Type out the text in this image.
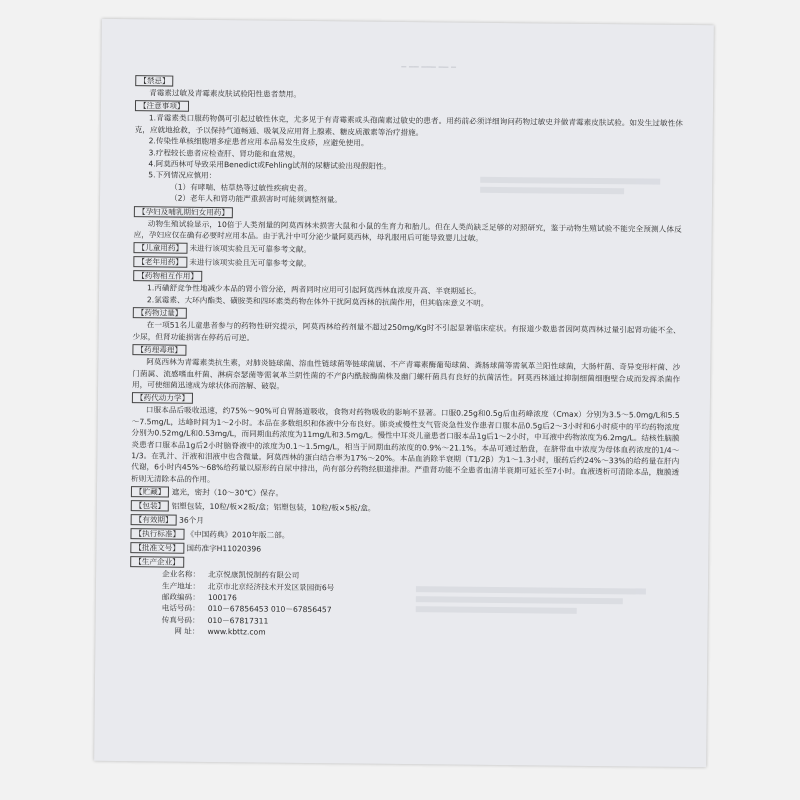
━ ━━ ━━━ ━━ ━
【禁忌】

青霉素过敏及青霉素皮肤试验阳性患者禁用。

【注意事项】

1.青霉素类口服药物偶可引起过敏性休克，尤多见于有青霉素或头孢菌素过敏史的患者。用药前必须详细询问药物过敏史并做青霉素皮肤试验。如发生过敏性休克，应就地抢救，予以保持气道畅通、吸氧及应用肾上腺素、糖皮质激素等治疗措施。

2.传染性单核细胞增多症患者应用本品易发生皮疹，应避免使用。

3.疗程较长患者应检查肝、肾功能和血常规。

4.阿莫西林可导致采用Benedict或Fehling试剂的尿糖试验出现假阳性。

5.下列情况应慎用：

（1）有哮喘、枯草热等过敏性疾病史者。

（2）老年人和肾功能严重损害时可能须调整剂量。

【孕妇及哺乳期妇女用药】

动物生殖试验显示，10倍于人类剂量的阿莫西林未损害大鼠和小鼠的生育力和胎儿。但在人类尚缺乏足够的对照研究，鉴于动物生殖试验不能完全预测人体反应，孕妇应仅在确有必要时应用本品。由于乳汁中可分泌少量阿莫西林，母乳服用后可能导致婴儿过敏。

【儿童用药】 未进行该项实验且无可靠参考文献。
【老年用药】 未进行该项实验且无可靠参考文献。
【药物相互作用】

1.丙磺舒竞争性地减少本品的肾小管分泌，两者同时应用可引起阿莫西林血浓度升高、半衰期延长。

2.氯霉素、大环内酯类、磺胺类和四环素类药物在体外干扰阿莫西林的抗菌作用，但其临床意义不明。

【药物过量】

在一项51名儿童患者参与的药物性研究提示，阿莫西林给药剂量不超过250mg/Kg时不引起显著临床症状。有报道少数患者因阿莫西林过量引起肾功能不全、少尿，但肾功能损害在停药后可逆。

【药理毒理】

阿莫西林为青霉素类抗生素，对肺炎链球菌、溶血性链球菌等链球菌属、不产青霉素酶葡萄球菌、粪肠球菌等需氧革兰阳性球菌，大肠杆菌、奇异变形杆菌、沙门菌属、流感嗜血杆菌、淋病奈瑟菌等需氧革兰阴性菌的不产β内酰胺酶菌株及幽门螺杆菌具有良好的抗菌活性。阿莫西林通过抑制细菌细胞壁合成而发挥杀菌作用，可使细菌迅速成为球状体而溶解、破裂。

【药代动力学】

口服本品后吸收迅速，约75%～90%可自胃肠道吸收，食物对药物吸收的影响不显著。口服0.25g和0.5g后血药峰浓度（Cmax）分别为3.5～5.0mg/L和5.5～7.5mg/L，达峰时间为1～2小时。本品在多数组织和体液中分布良好。肺炎或慢性支气管炎急性发作患者口服本品0.5g后2～3小时和6小时痰中的平均药物浓度分别为0.52mg/L和0.53mg/L，而同期血药浓度为11mg/L和3.5mg/L。慢性中耳炎儿童患者口服本品1g后1～2小时，中耳液中药物浓度为6.2mg/L。结核性脑膜炎患者口服本品1g后2小时脑脊液中的浓度为0.1～1.5mg/L，相当于同期血药浓度的0.9%～21.1%。本品可通过胎盘，在脐带血中浓度为母体血药浓度的1/4～1/3。在乳汁、汗液和泪液中也含微量。阿莫西林的蛋白结合率为17%～20%。本品血消除半衰期（T1/2β）为1～1.3小时，服药后约24%～33%的给药量在肝内代谢，6小时内45%～68%给药量以原形药自尿中排出，尚有部分药物经胆道排泄。严重肾功能不全患者血清半衰期可延长至7小时。血液透析可清除本品，腹膜透析则无清除本品的作用。

【贮藏】 遮光，密封（10～30℃）保存。
【包装】 铝塑包装，10粒/板×2板/盒；铝塑包装，10粒/板×5板/盒。
【有效期】 36个月
【执行标准】 《中国药典》2010年版二部。
【批准文号】 国药准字H11020396
【生产企业】
企业名称： 北京悦康凯悦制药有限公司
生产地址： 北京市北京经济技术开发区景园街6号
邮政编码： 100176
电话号码： 010－67856453 010－67856457
传真号码： 010－67817311
网 址： www.kbttz.com
